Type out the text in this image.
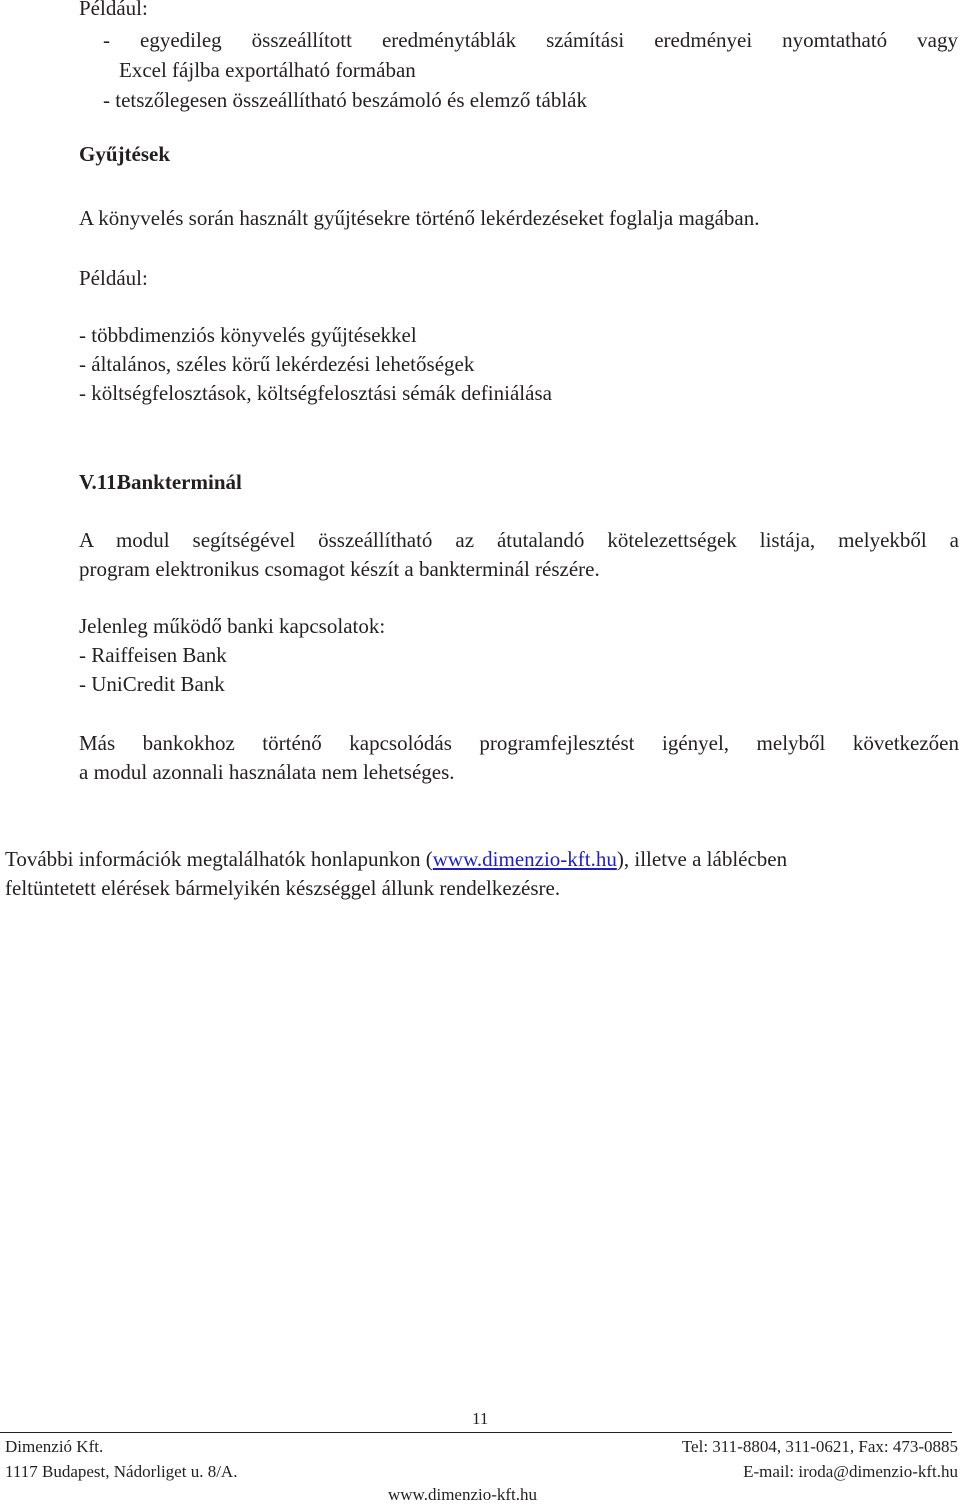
Például:
- egyedileg összeállított eredménytáblák számítási eredményei nyomtatható vagy
Excel fájlba exportálható formában
- tetszőlegesen összeállítható beszámoló és elemző táblák
Gyűjtések
A könyvelés során használt gyűjtésekre történő lekérdezéseket foglalja magában.
Például:
- többdimenziós könyvelés gyűjtésekkel
- általános, széles körű lekérdezési lehetőségek
- költségfelosztások, költségfelosztási sémák definiálása
V.11.
Bankterminál
A modul segítségével összeállítható az átutalandó kötelezettségek listája, melyekből a
program elektronikus csomagot készít a bankterminál részére.
Jelenleg működő banki kapcsolatok:
- Raiffeisen Bank
- UniCredit Bank
Más bankokhoz történő kapcsolódás programfejlesztést igényel, melyből következően
a modul azonnali használata nem lehetséges.
További információk megtalálhatók honlapunkon (www.dimenzio-kft.hu), illetve a láblécben
feltüntetett elérések bármelyikén készséggel állunk rendelkezésre.
11
Dimenzió Kft.	Tel: 311-8804, 311-0621, Fax: 473-0885
1117 Budapest, Nádorliget u. 8/A.	E-mail: iroda@dimenzio-kft.hu
www.dimenzio-kft.hu
